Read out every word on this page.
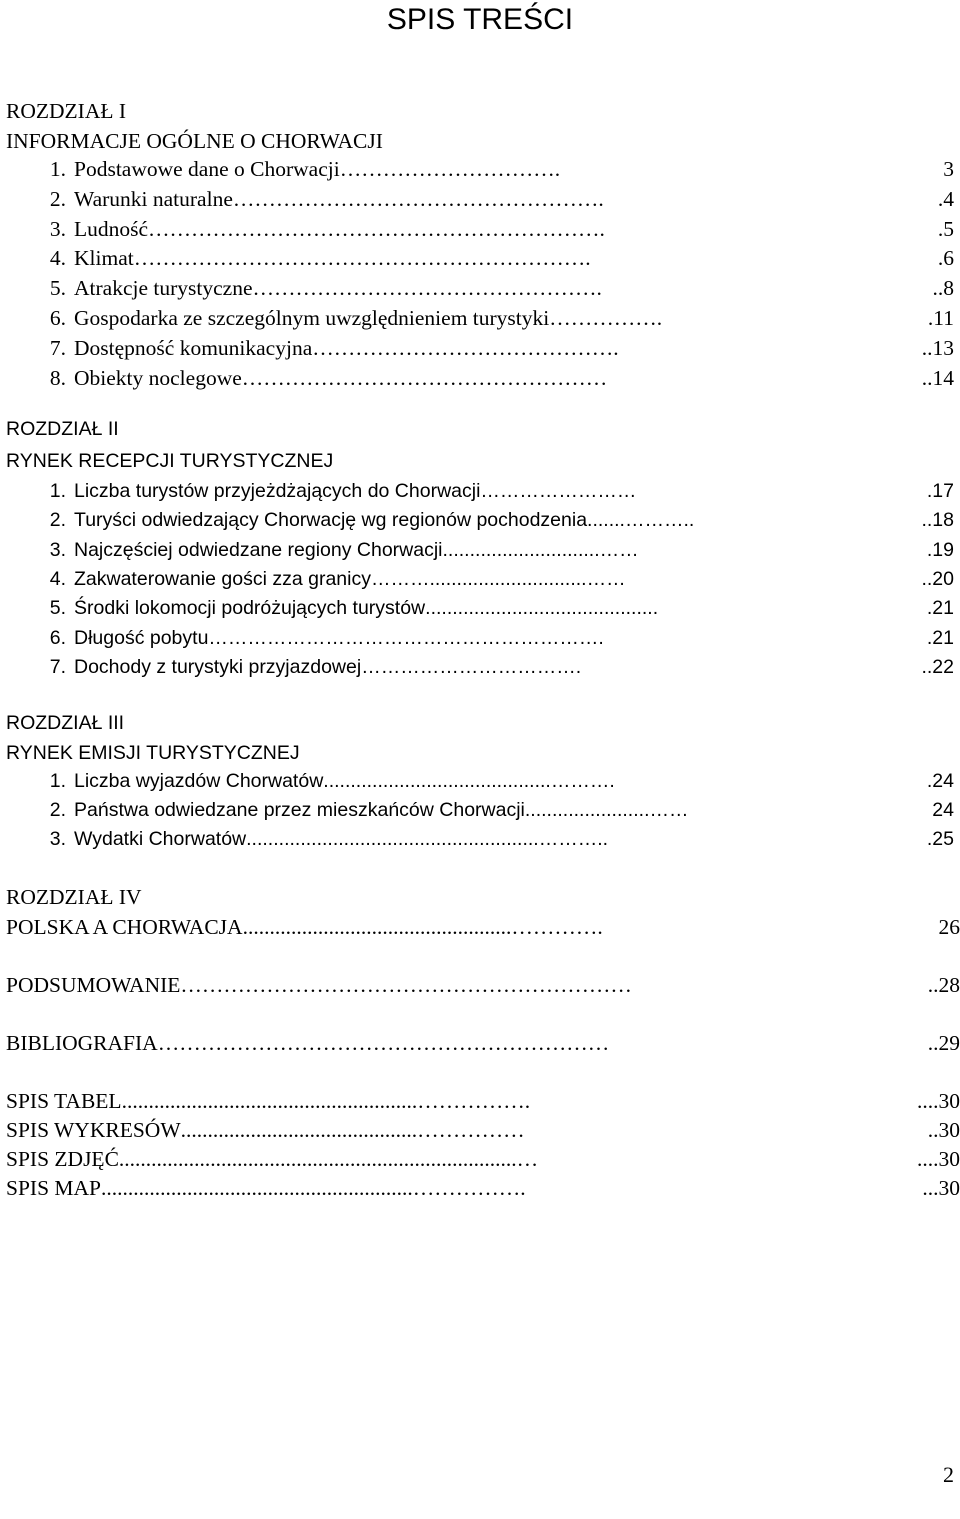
SPIS TREŚCI
ROZDZIAŁ I
INFORMACJE OGÓLNE O CHORWACJI
1. Podstawowe dane o Chorwacji ………………………….	3
2. Warunki naturalne …………………………………………….	.4
3. Ludność ……………………………………………………….	.5
4. Klimat ……………………………………………………….	.6
5. Atrakcje turystyczne ………………………………………….	..8
6. Gospodarka ze szczególnym uwzględnieniem turystyki …………….	.11
7. Dostępność komunikacyjna …………………………………….	..13
8. Obiekty noclegowe ……………………………………………	..14
ROZDZIAŁ II
RYNEK RECEPCJI TURYSTYCZNEJ
1. Liczba turystów przyjeżdżających do Chorwacji ……………………	.17
2. Turyści odwiedzający Chorwację wg regionów pochodzenia .......………..	..18
3. Najczęściej odwiedzane regiony Chorwacji .............................……	.19
4. Zakwaterowanie gości zza granicy ……….............................……	..20
5. Środki lokomocji podróżujących turystów ...........................................	.21
6. Długość pobytu …………………………………………………….	.21
7. Dochody z turystyki przyjazdowej …………………………….	..22
ROZDZIAŁ III
RYNEK EMISJI TURYSTYCZNEJ
1. Liczba wyjazdów Chorwatów ..........................................……….	.24
2. Państwa odwiedzane przez mieszkańców Chorwacji .......................……	24
3. Wydatki Chorwatów ......................................................………..	.25
ROZDZIAŁ IV
POLSKA A CHORWACJA ..................................................………….	26
PODSUMOWANIE ………………………………………………………	..28
BIBLIOGRAFIA ………………………………………………………	..29
SPIS TABEL .......................................................…………….	....30
SPIS WYKRESÓW ............................................……………	..30
SPIS ZDJĘĆ ..........................................................................…	....30
SPIS MAP ..........................................................…………….	...30
2
